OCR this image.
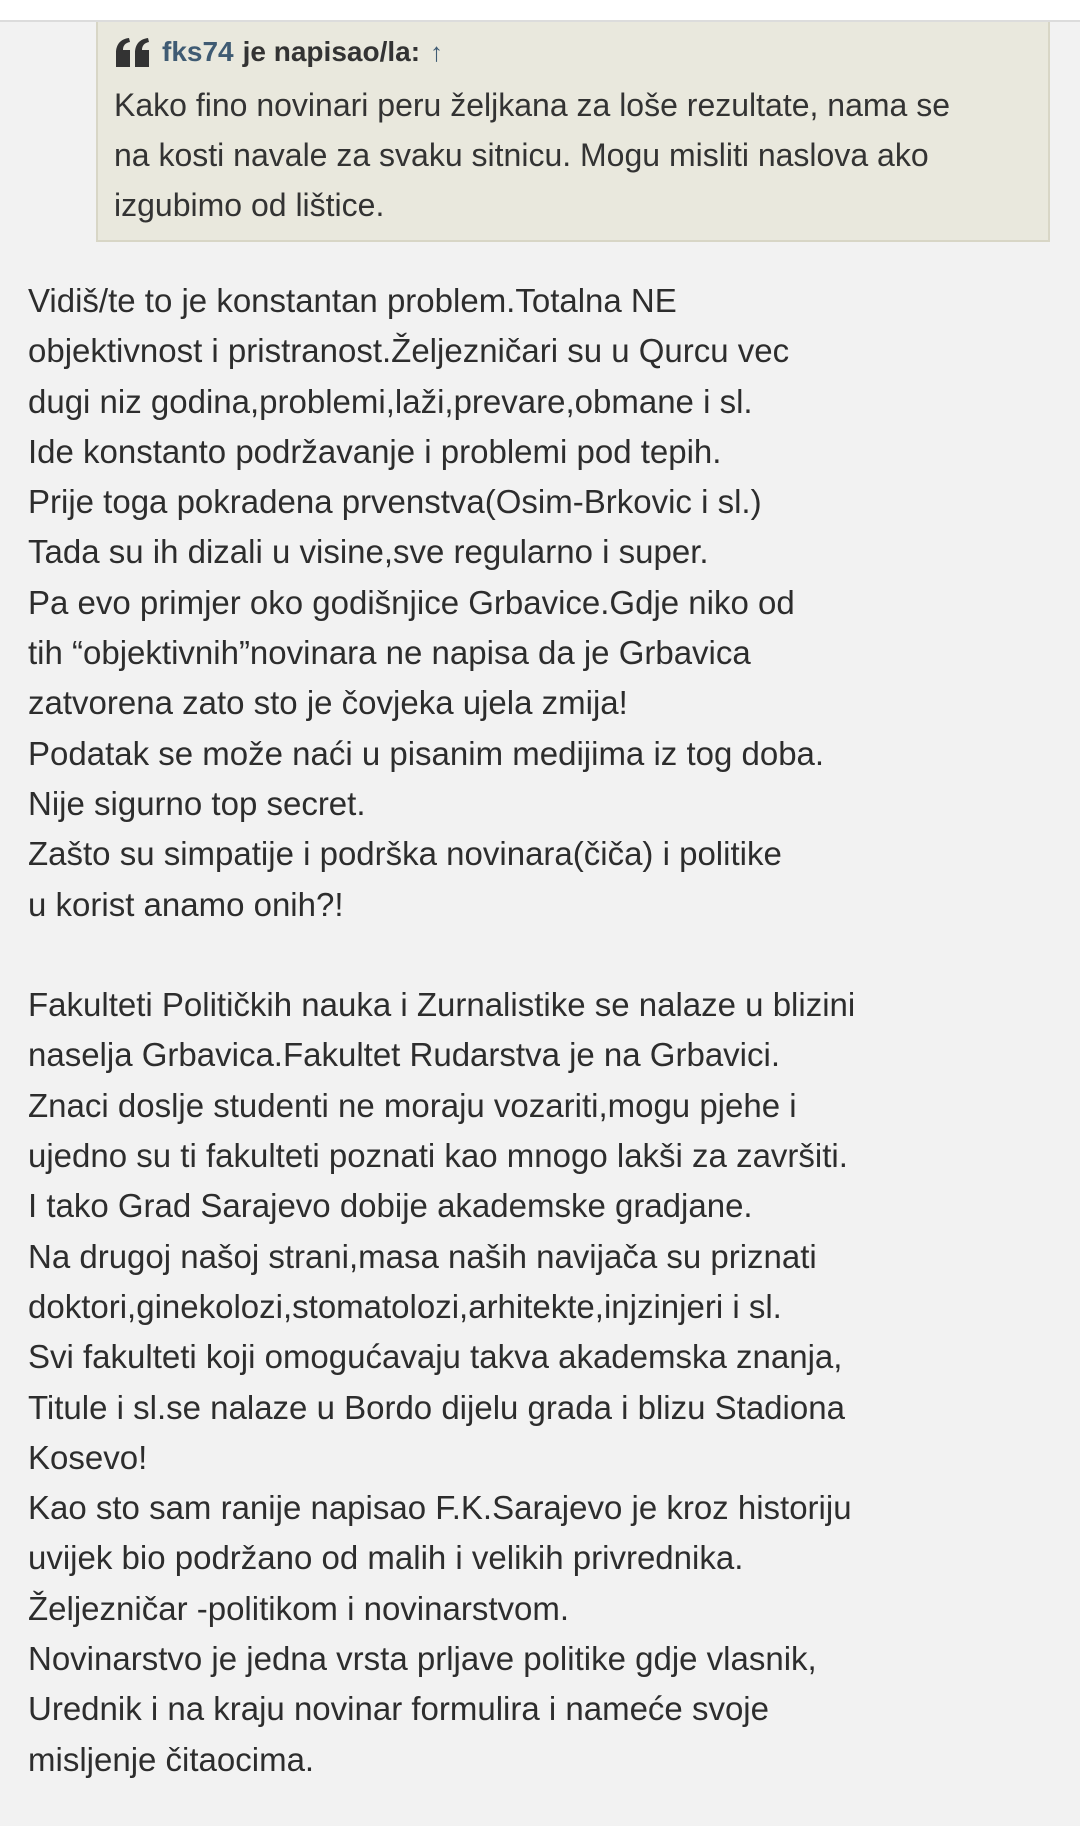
fks74 je napisao/la: ↑
Kako fino novinari peru željkana za loše rezultate, nama se
na kosti navale za svaku sitnicu. Mogu misliti naslova ako
izgubimo od lištice.
Vidiš/te to je konstantan problem.Totalna NE
objektivnost i pristranost.Željezničari su u Qurcu vec
dugi niz godina,problemi,laži,prevare,obmane i sl.
Ide konstanto podržavanje i problemi pod tepih.
Prije toga pokradena prvenstva(Osim-Brkovic i sl.)
Tada su ih dizali u visine,sve regularno i super.
Pa evo primjer oko godišnjice Grbavice.Gdje niko od
tih “objektivnih”novinara ne napisa da je Grbavica
zatvorena zato sto je čovjeka ujela zmija!
Podatak se može naći u pisanim medijima iz tog doba.
Nije sigurno top secret.
Zašto su simpatije i podrška novinara(čiča) i politike
u korist anamo onih?!
Fakulteti Političkih nauka i Zurnalistike se nalaze u blizini
naselja Grbavica.Fakultet Rudarstva je na Grbavici.
Znaci doslje studenti ne moraju vozariti,mogu pjehe i
ujedno su ti fakulteti poznati kao mnogo lakši za završiti.
I tako Grad Sarajevo dobije akademske gradjane.
Na drugoj našoj strani,masa naših navijača su priznati
doktori,ginekolozi,stomatolozi,arhitekte,injzinjeri i sl.
Svi fakulteti koji omogućavaju takva akademska znanja,
Titule i sl.se nalaze u Bordo dijelu grada i blizu Stadiona
Kosevo!
Kao sto sam ranije napisao F.K.Sarajevo je kroz historiju
uvijek bio podržano od malih i velikih privrednika.
Željezničar -politikom i novinarstvom.
Novinarstvo je jedna vrsta prljave politike gdje vlasnik,
Urednik i na kraju novinar formulira i nameće svoje
misljenje čitaocima.
